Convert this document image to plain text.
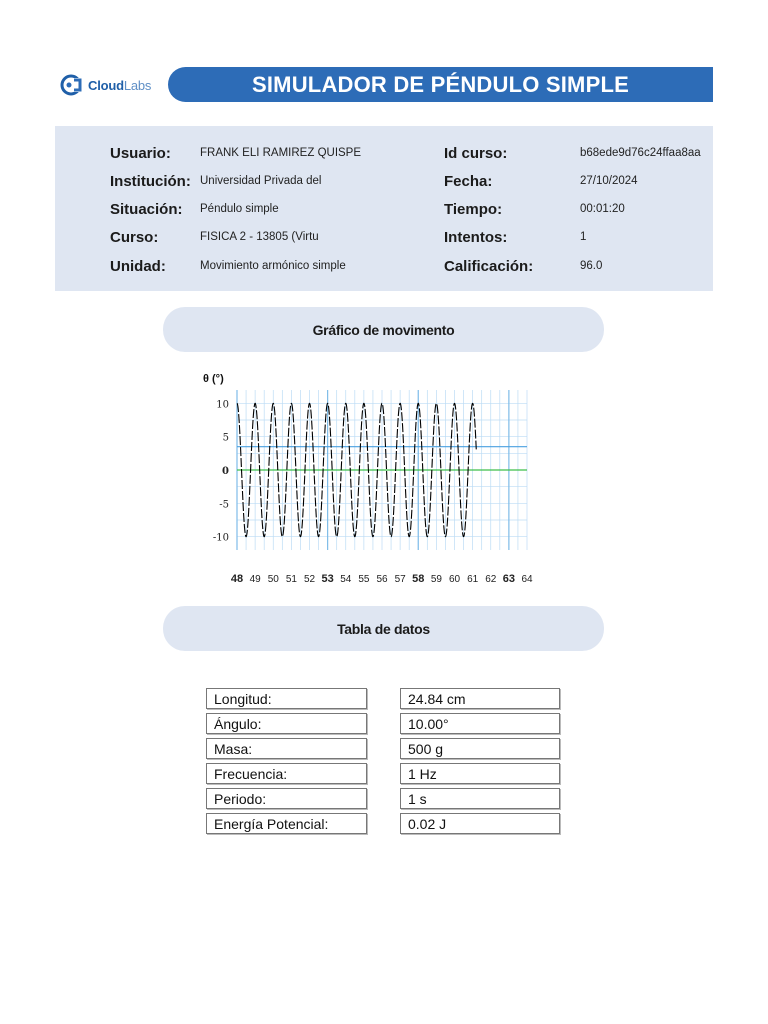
CloudLabs	SIMULADOR DE PÉNDULO SIMPLE
Usuario:	FRANK ELI RAMIREZ QUISPE
Institución: Universidad Privada del
Situación:	Péndulo simple
Curso:	FÍSICA 2 - 13805 (Virtu
Unidad:	Movimiento armónico simple
Id curso:	b68ede9d76c24ffaa8aa
Fecha:	27/10/2024
Tiempo:	00:01:20
Intentos:	1
Calificación:	96.0
Gráfico de movimento
θ (°)
10
5
0
-5
-10
48 49 50 51 52 53 54 55 56 57 58 59 60 61 62 63 64
Tabla de datos
Longitud:	24.84 cm
Ángulo:	10.00°
Masa:	500 g
Frecuencia:	1 Hz
Periodo:	1 s
Energía Potencial:	0.02 J
